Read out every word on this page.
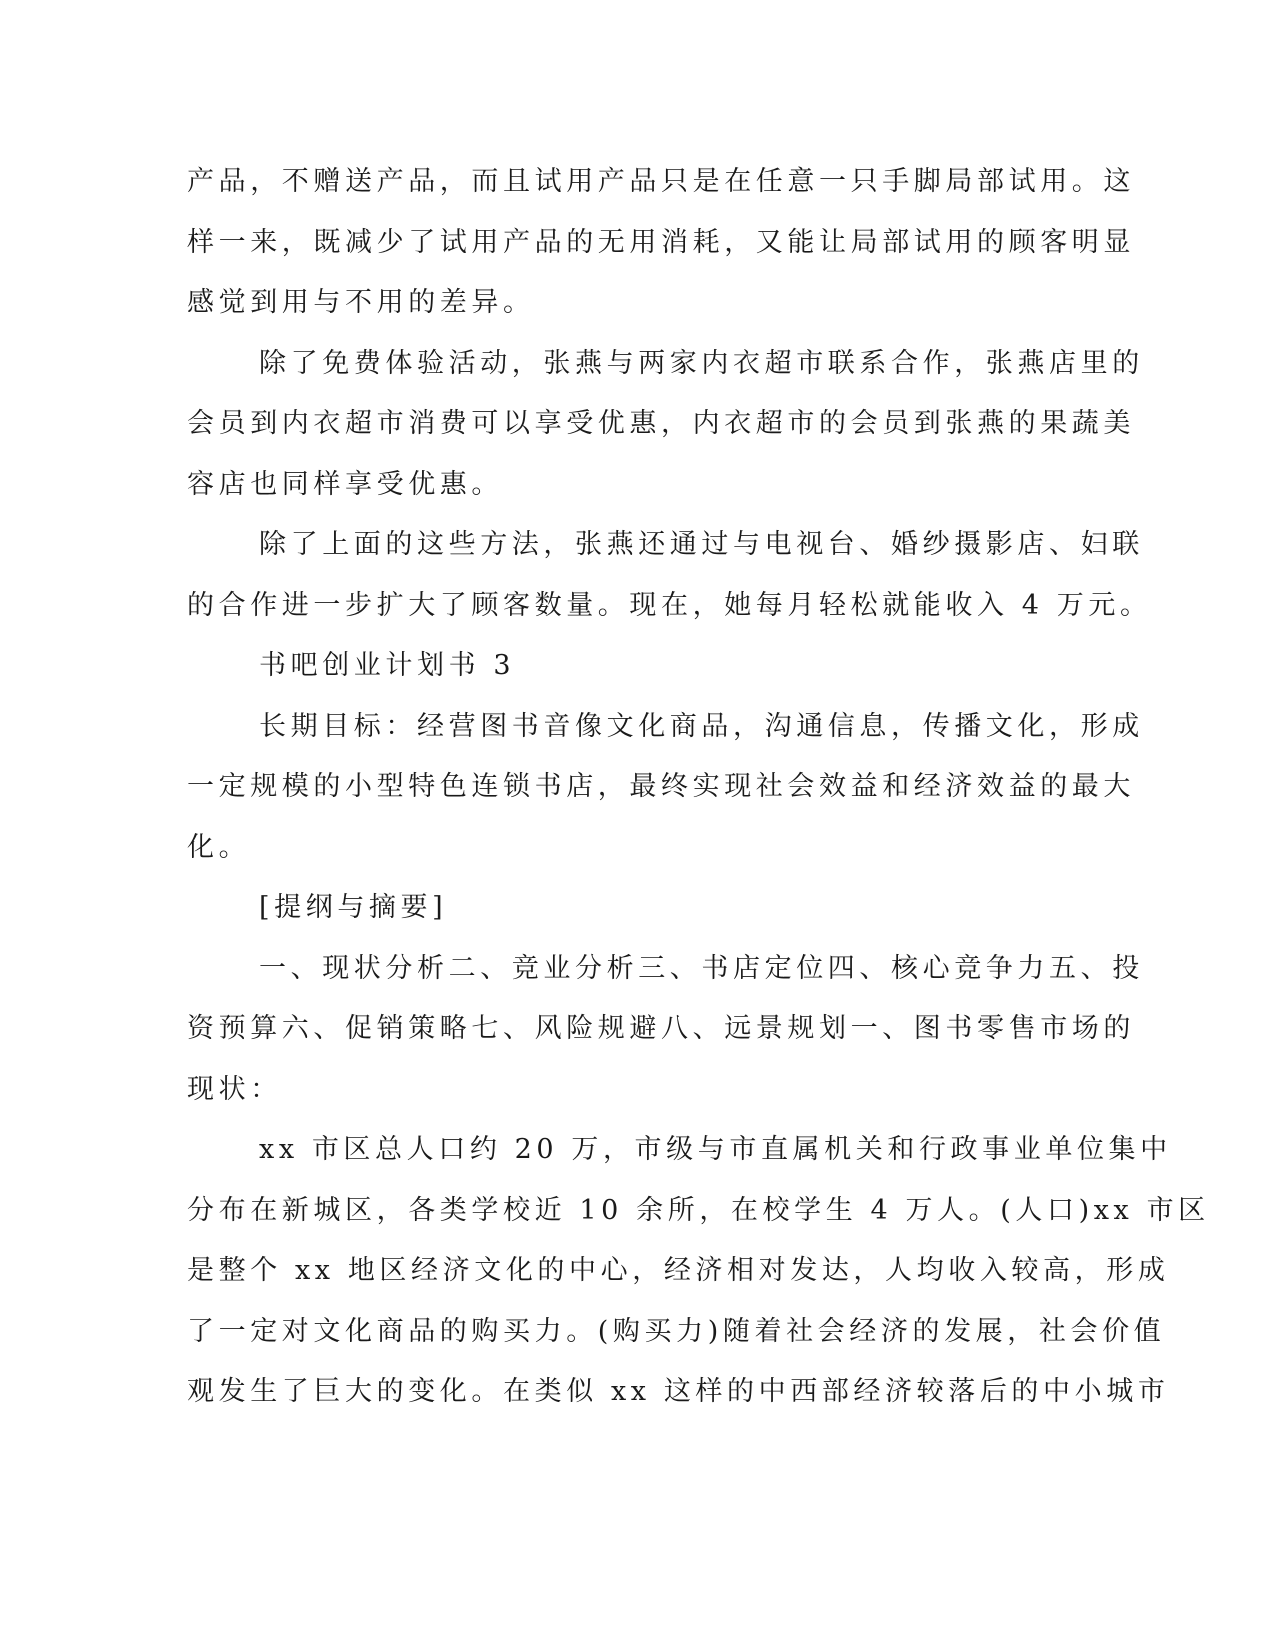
产品，不赠送产品，而且试用产品只是在任意一只手脚局部试用。这
样一来，既减少了试用产品的无用消耗，又能让局部试用的顾客明显
感觉到用与不用的差异。

除了免费体验活动，张燕与两家内衣超市联系合作，张燕店里的
会员到内衣超市消费可以享受优惠，内衣超市的会员到张燕的果蔬美
容店也同样享受优惠。

除了上面的这些方法，张燕还通过与电视台、婚纱摄影店、妇联
的合作进一步扩大了顾客数量。现在，她每月轻松就能收入 4 万元。

书吧创业计划书 3

长期目标：经营图书音像文化商品，沟通信息，传播文化，形成
一定规模的小型特色连锁书店，最终实现社会效益和经济效益的最大
化。

[提纲与摘要]

一、现状分析二、竞业分析三、书店定位四、核心竞争力五、投
资预算六、促销策略七、风险规避八、远景规划一、图书零售市场的
现状：

xx 市区总人口约 20 万，市级与市直属机关和行政事业单位集中
分布在新城区，各类学校近 10 余所，在校学生 4 万人。(人口)xx 市区
是整个 xx 地区经济文化的中心，经济相对发达，人均收入较高，形成
了一定对文化商品的购买力。(购买力)随着社会经济的发展，社会价值
观发生了巨大的变化。在类似 xx 这样的中西部经济较落后的中小城市
